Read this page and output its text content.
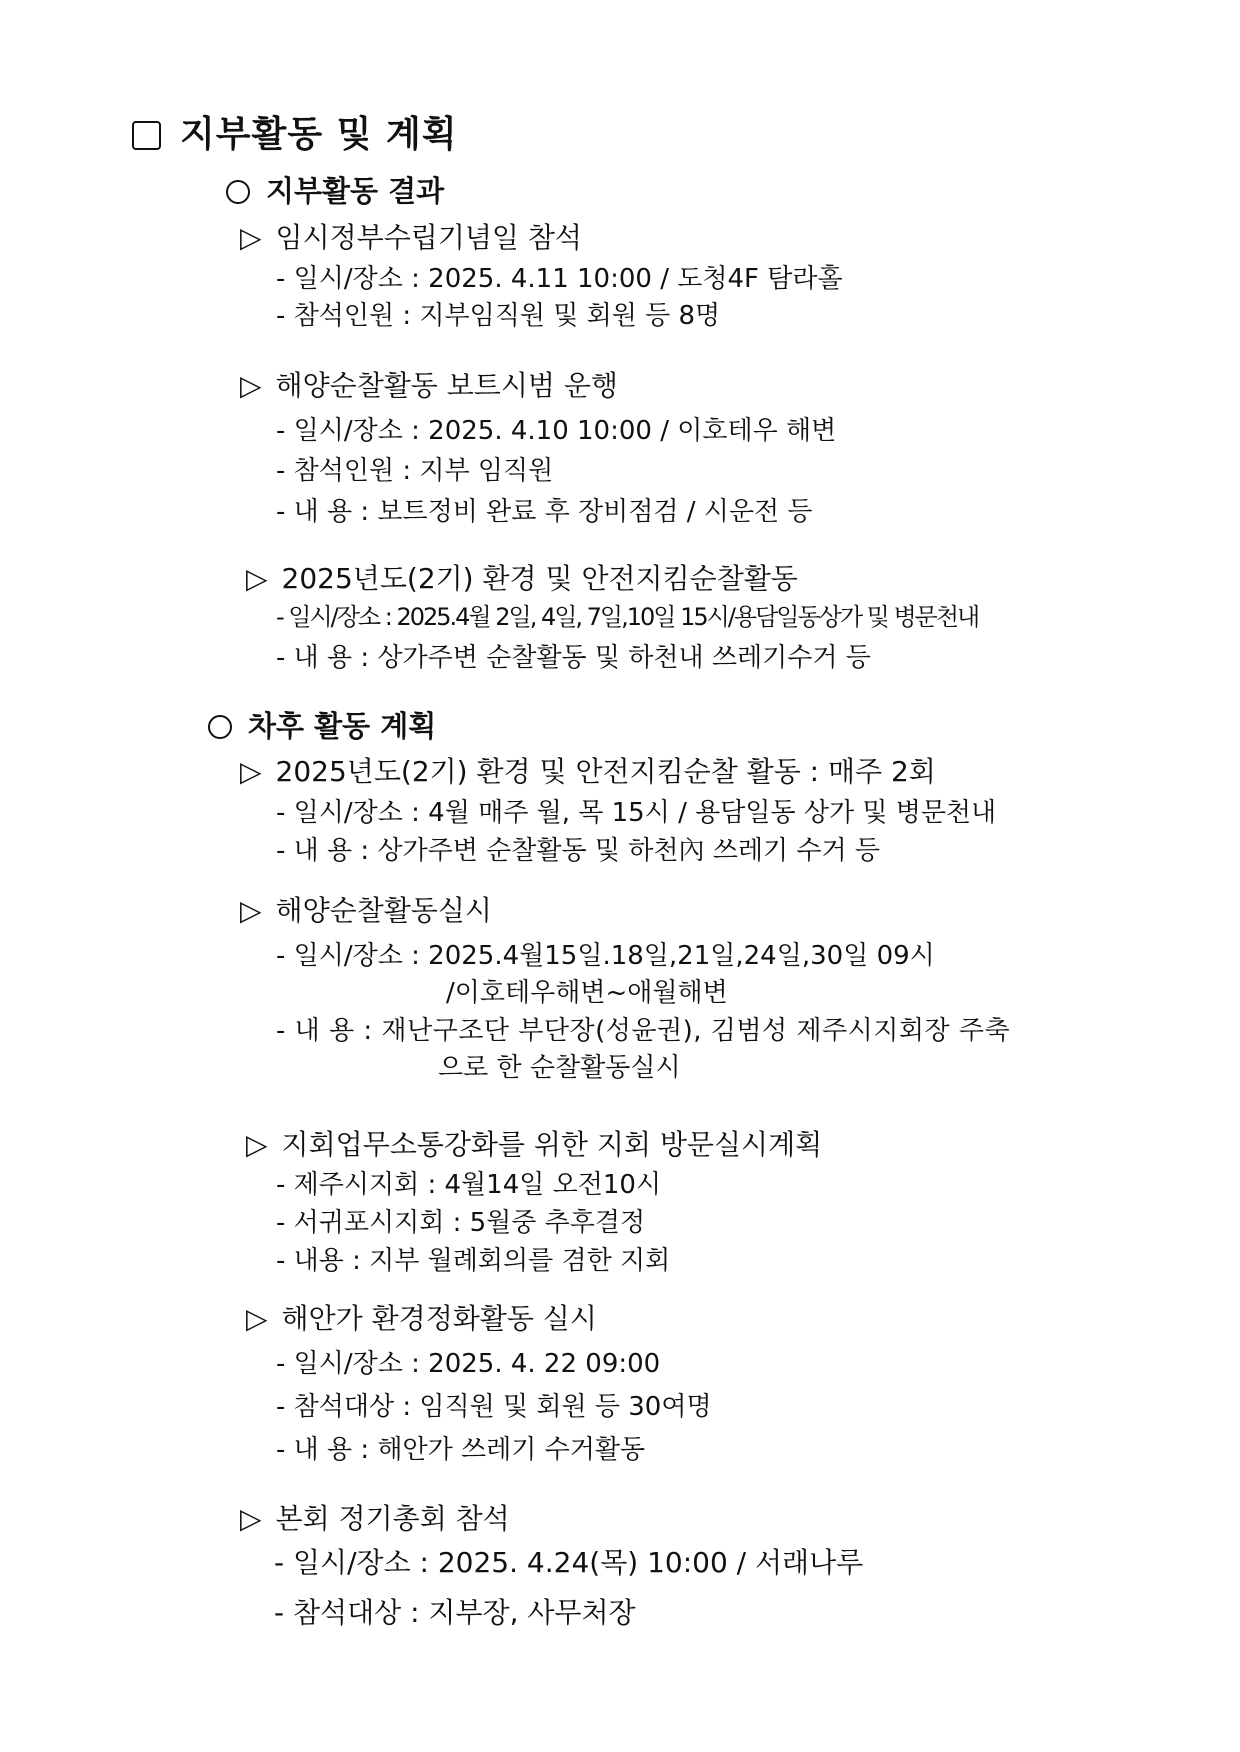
지부활동 및 계획
지부활동 결과
▷ 임시정부수립기념일 참석
- 일시/장소 : 2025. 4.11 10:00 / 도청4F 탐라홀
- 참석인원 : 지부임직원 및 회원 등 8명
▷ 해양순찰활동 보트시범 운행
- 일시/장소 : 2025. 4.10 10:00 / 이호테우 해변
- 참석인원 : 지부 임직원
- 내 용 : 보트정비 완료 후 장비점검 / 시운전 등
▷ 2025년도(2기) 환경 및 안전지킴순찰활동
- 일시/장소 : 2025.4월 2일, 4일, 7일,10일 15시/용담일동상가 및 병문천내
- 내 용 : 상가주변 순찰활동 및 하천내 쓰레기수거 등
차후 활동 계획
▷ 2025년도(2기) 환경 및 안전지킴순찰 활동 : 매주 2회
- 일시/장소 : 4월 매주 월, 목 15시 / 용담일동 상가 및 병문천내
- 내 용 : 상가주변 순찰활동 및 하천內 쓰레기 수거 등
▷ 해양순찰활동실시
- 일시/장소 : 2025.4월15일.18일,21일,24일,30일 09시
/이호테우해변~애월해변
- 내 용 : 재난구조단 부단장(성윤권), 김범성 제주시지회장 주축
으로 한 순찰활동실시
▷ 지회업무소통강화를 위한 지회 방문실시계획
- 제주시지회 : 4월14일 오전10시
- 서귀포시지회 : 5월중 추후결정
- 내용 : 지부 월례회의를 겸한 지회
▷ 해안가 환경정화활동 실시
- 일시/장소 : 2025. 4. 22 09:00
- 참석대상 : 임직원 및 회원 등 30여명
- 내 용 : 해안가 쓰레기 수거활동
▷ 본회 정기총회 참석
- 일시/장소 : 2025. 4.24(목) 10:00 / 서래나루
- 참석대상 : 지부장, 사무처장
